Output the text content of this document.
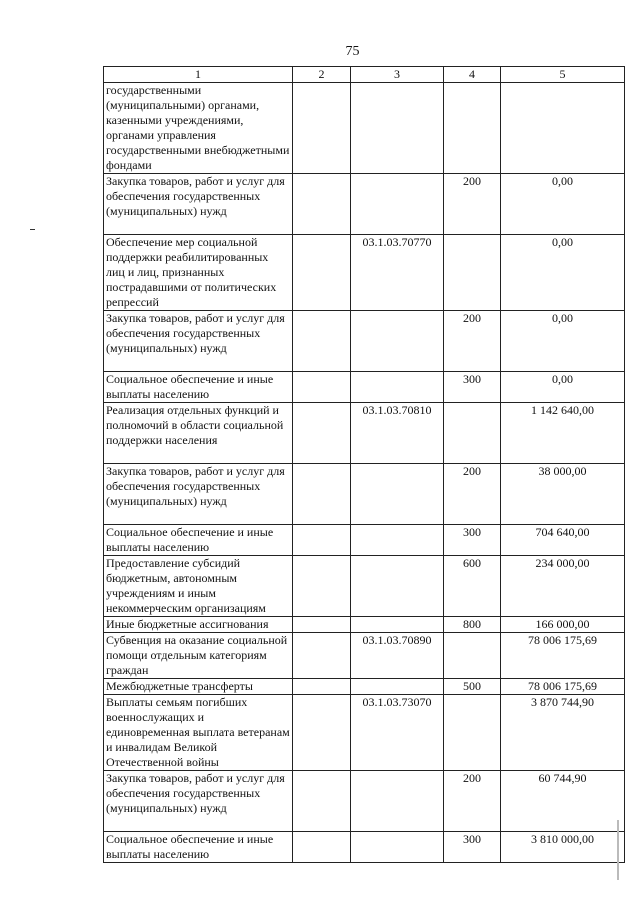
75
1	2	3	4	5
государственными (муниципальными) органами, казенными учреждениями, органами управления государственными внебюджетными фондами				
Закупка товаров, работ и услуг для обеспечения государственных (муниципальных) нужд			200	0,00
Обеспечение мер социальной поддержки реабилитированных лиц и лиц, признанных пострадавшими от политических репрессий		03.1.03.70770		0,00
Закупка товаров, работ и услуг для обеспечения государственных (муниципальных) нужд			200	0,00
Социальное обеспечение и иные выплаты населению			300	0,00
Реализация отдельных функций и полномочий в области социальной поддержки населения		03.1.03.70810		1 142 640,00
Закупка товаров, работ и услуг для обеспечения государственных (муниципальных) нужд			200	38 000,00
Социальное обеспечение и иные выплаты населению			300	704 640,00
Предоставление субсидий бюджетным, автономным учреждениям и иным некоммерческим организациям			600	234 000,00
Иные бюджетные ассигнования			800	166 000,00
Субвенция на оказание социальной помощи отдельным категориям граждан		03.1.03.70890		78 006 175,69
Межбюджетные трансферты			500	78 006 175,69
Выплаты семьям погибших военнослужащих и единовременная выплата ветеранам и инвалидам Великой Отечественной войны		03.1.03.73070		3 870 744,90
Закупка товаров, работ и услуг для обеспечения государственных (муниципальных) нужд			200	60 744,90
Социальное обеспечение и иные выплаты населению			300	3 810 000,00
